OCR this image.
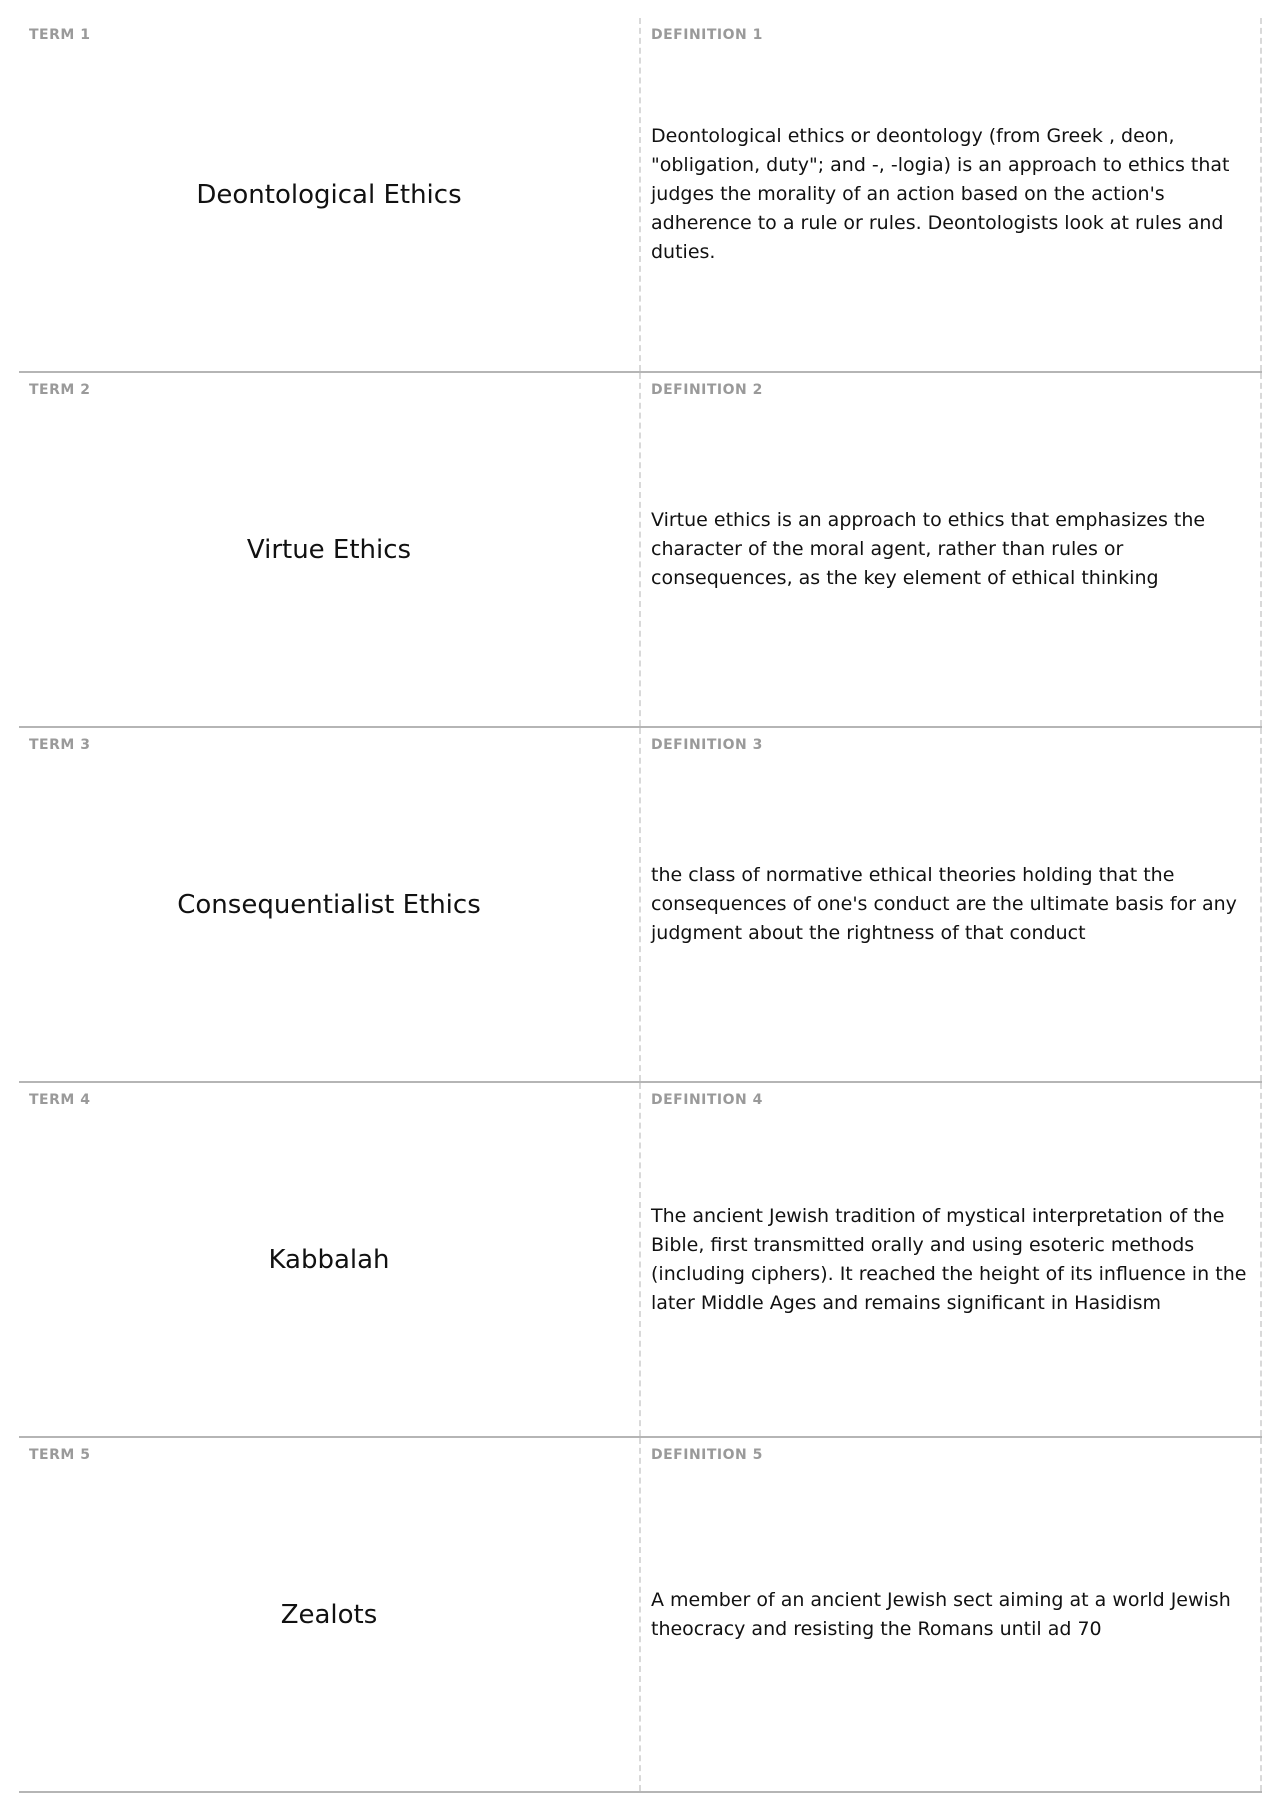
TERM 1
Deontological Ethics
DEFINITION 1
Deontological ethics or deontology (from Greek , deon, "obligation, duty"; and -, -logia) is an approach to ethics that judges the morality of an action based on the action's adherence to a rule or rules. Deontologists look at rules and duties.
TERM 2
Virtue Ethics
DEFINITION 2
Virtue ethics is an approach to ethics that emphasizes the character of the moral agent, rather than rules or consequences, as the key element of ethical thinking
TERM 3
Consequentialist Ethics
DEFINITION 3
the class of normative ethical theories holding that the consequences of one's conduct are the ultimate basis for any judgment about the rightness of that conduct
TERM 4
Kabbalah
DEFINITION 4
The ancient Jewish tradition of mystical interpretation of the Bible, first transmitted orally and using esoteric methods (including ciphers). It reached the height of its influence in the later Middle Ages and remains significant in Hasidism
TERM 5
Zealots
DEFINITION 5
A member of an ancient Jewish sect aiming at a world Jewish theocracy and resisting the Romans until ad 70
